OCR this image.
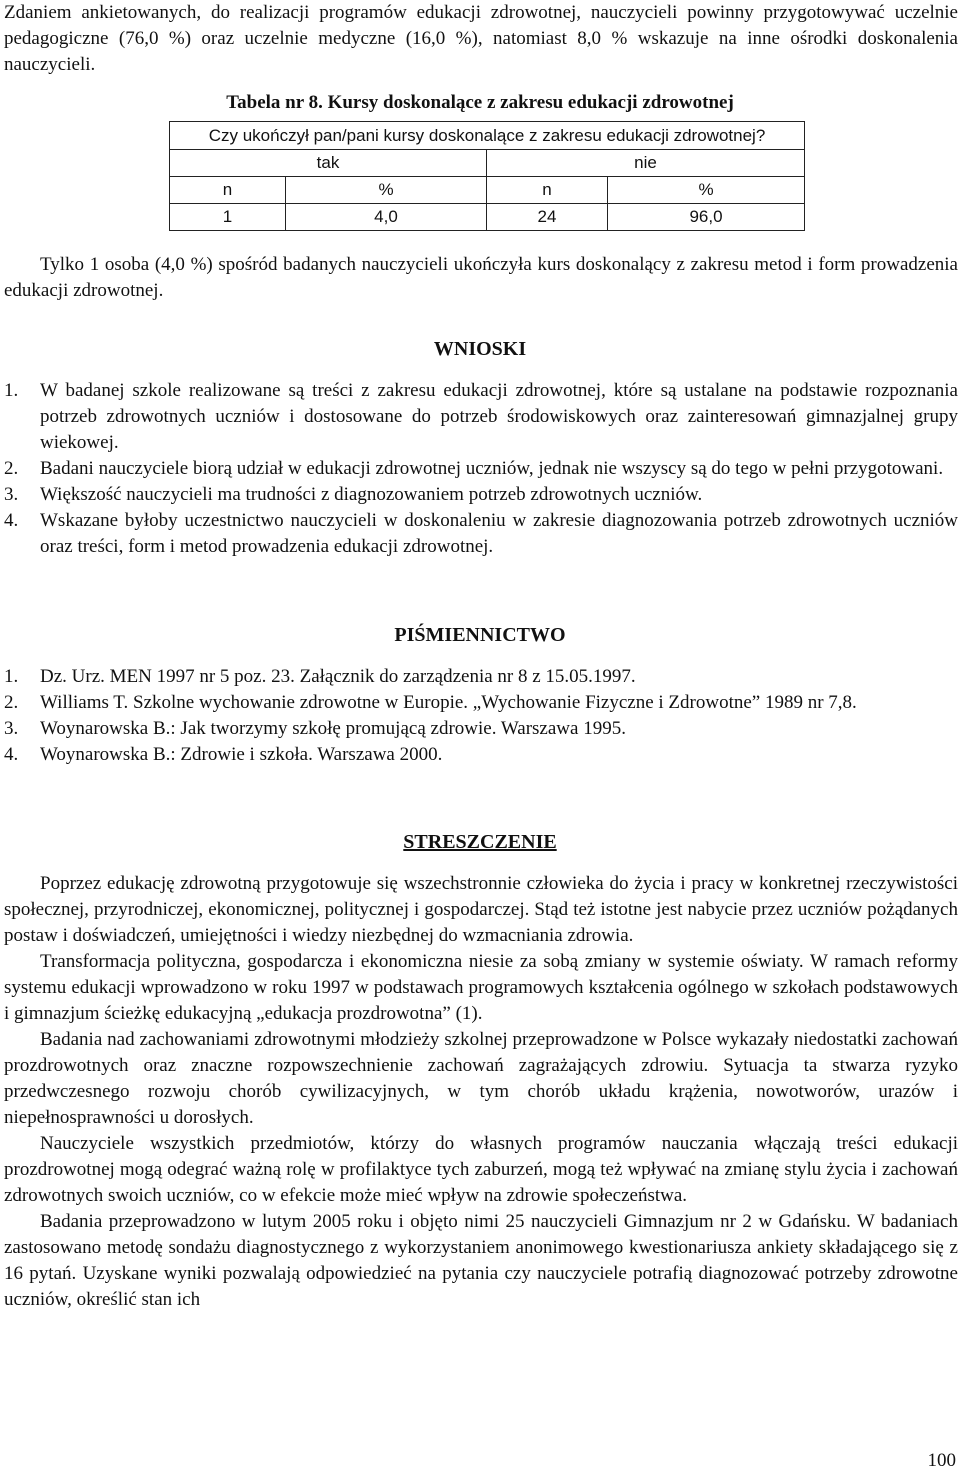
Zdaniem ankietowanych, do realizacji programów edukacji zdrowotnej, nauczycieli powinny przygotowywać uczelnie pedagogiczne (76,0 %) oraz uczelnie medyczne (16,0 %), natomiast 8,0 % wskazuje na inne ośrodki doskonalenia nauczycieli.

Tabela nr 8. Kursy doskonalące z zakresu edukacji zdrowotnej
Czy ukończył pan/pani kursy doskonalące z zakresu edukacji zdrowotnej?			
tak		nie	
n	%	n	%
1	4,0	24	96,0

Tylko 1 osoba (4,0 %) spośród badanych nauczycieli ukończyła kurs doskonalący z zakresu metod i form prowadzenia edukacji zdrowotnej.

WNIOSKI
1. W badanej szkole realizowane są treści z zakresu edukacji zdrowotnej, które są ustalane na podstawie rozpoznania potrzeb zdrowotnych uczniów i dostosowane do potrzeb środowiskowych oraz zainteresowań gimnazjalnej grupy wiekowej.
2. Badani nauczyciele biorą udział w edukacji zdrowotnej uczniów, jednak nie wszyscy są do tego w pełni przygotowani.
3. Większość nauczycieli ma trudności z diagnozowaniem potrzeb zdrowotnych uczniów.
4. Wskazane byłoby uczestnictwo nauczycieli w doskonaleniu w zakresie diagnozowania potrzeb zdrowotnych uczniów oraz treści, form i metod prowadzenia edukacji zdrowotnej.
PIŚMIENNICTWO
1. Dz. Urz. MEN 1997 nr 5 poz. 23. Załącznik do zarządzenia nr 8 z 15.05.1997.
2. Williams T. Szkolne wychowanie zdrowotne w Europie. „Wychowanie Fizyczne i Zdrowotne” 1989 nr 7,8.
3. Woynarowska B.: Jak tworzymy szkołę promującą zdrowie. Warszawa 1995.
4. Woynarowska B.: Zdrowie i szkoła. Warszawa 2000.
STRESZCZENIE

Poprzez edukację zdrowotną przygotowuje się wszechstronnie człowieka do życia i pracy w konkretnej rzeczywistości społecznej, przyrodniczej, ekonomicznej, politycznej i gospodarczej. Stąd też istotne jest nabycie przez uczniów pożądanych postaw i doświadczeń, umiejętności i wiedzy niezbędnej do wzmacniania zdrowia.

Transformacja polityczna, gospodarcza i ekonomiczna niesie za sobą zmiany w systemie oświaty. W ramach reformy systemu edukacji wprowadzono w roku 1997 w podstawach programowych kształcenia ogólnego w szkołach podstawowych i gimnazjum ścieżkę edukacyjną „edukacja prozdrowotna” (1).

Badania nad zachowaniami zdrowotnymi młodzieży szkolnej przeprowadzone w Polsce wykazały niedostatki zachowań prozdrowotnych oraz znaczne rozpowszechnienie zachowań zagrażających zdrowiu. Sytuacja ta stwarza ryzyko przedwczesnego rozwoju chorób cywilizacyjnych, w tym chorób układu krążenia, nowotworów, urazów i niepełnosprawności u dorosłych.

Nauczyciele wszystkich przedmiotów, którzy do własnych programów nauczania włączają treści edukacji prozdrowotnej mogą odegrać ważną rolę w profilaktyce tych zaburzeń, mogą też wpływać na zmianę stylu życia i zachowań zdrowotnych swoich uczniów, co w efekcie może mieć wpływ na zdrowie społeczeństwa.

Badania przeprowadzono w lutym 2005 roku i objęto nimi 25 nauczycieli Gimnazjum nr 2 w Gdańsku. W badaniach zastosowano metodę sondażu diagnostycznego z wykorzystaniem anonimowego kwestionariusza ankiety składającego się z 16 pytań. Uzyskane wyniki pozwalają odpowiedzieć na pytania czy nauczyciele potrafią diagnozować potrzeby zdrowotne uczniów, określić stan ich

100
